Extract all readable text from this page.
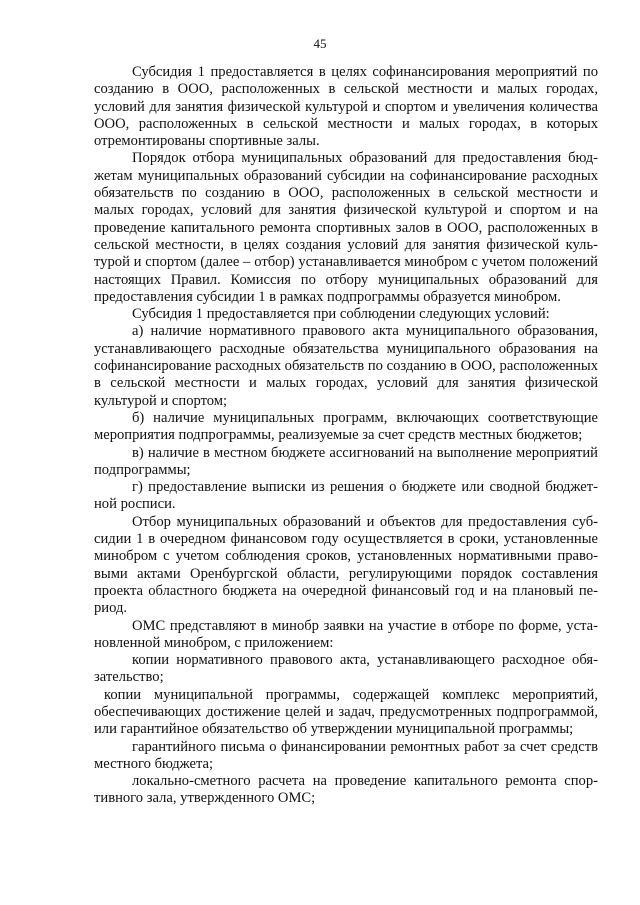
45

Субсидия 1 предоставляется в целях софинансирования мероприятий по созданию в ООО, расположенных в сельской местности и малых городах, условий для занятия физической культурой и спортом и увеличения количества ООО, расположенных в сельской местности и малых городах, в которых отремонтированы спортивные залы.

Порядок отбора муниципальных образований для предоставления бюджетам муниципальных образований субсидии на софинансирование расходных обязательств по созданию в ООО, расположенных в сельской местности и малых городах, условий для занятия физической культурой и спортом и на проведение капитального ремонта спортивных залов в ООО, расположенных в сельской местности, в целях создания условий для занятия физической культурой и спортом (далее – отбор) устанавливается минобром с учетом положений настоящих Правил. Комиссия по отбору муниципальных образований для предоставления субсидии 1 в рамках подпрограммы образуется минобром.

Субсидия 1 предоставляется при соблюдении следующих условий:

а) наличие нормативного правового акта муниципального образования, устанавливающего расходные обязательства муниципального образования на софинансирование расходных обязательств по созданию в ООО, расположенных в сельской местности и малых городах, условий для занятия физической культурой и спортом;

б) наличие муниципальных программ, включающих соответствующие мероприятия подпрограммы, реализуемые за счет средств местных бюджетов;

в) наличие в местном бюджете ассигнований на выполнение мероприятий подпрограммы;

г) предоставление выписки из решения о бюджете или сводной бюджетной росписи.

Отбор муниципальных образований и объектов для предоставления субсидии 1 в очередном финансовом году осуществляется в сроки, установленные минобром с учетом соблюдения сроков, установленных нормативными правовыми актами Оренбургской области, регулирующими порядок составления проекта областного бюджета на очередной финансовый год и на плановый период.

ОМС представляют в минобр заявки на участие в отборе по форме, установленной минобром, с приложением:

копии нормативного правового акта, устанавливающего расходное обязательство;

копии муниципальной программы, содержащей комплекс мероприятий, обеспечивающих достижение целей и задач, предусмотренных подпрограммой, или гарантийное обязательство об утверждении муниципальной программы;

гарантийного письма о финансировании ремонтных работ за счет средств местного бюджета;

локально-сметного расчета на проведение капитального ремонта спортивного зала, утвержденного ОМС;
